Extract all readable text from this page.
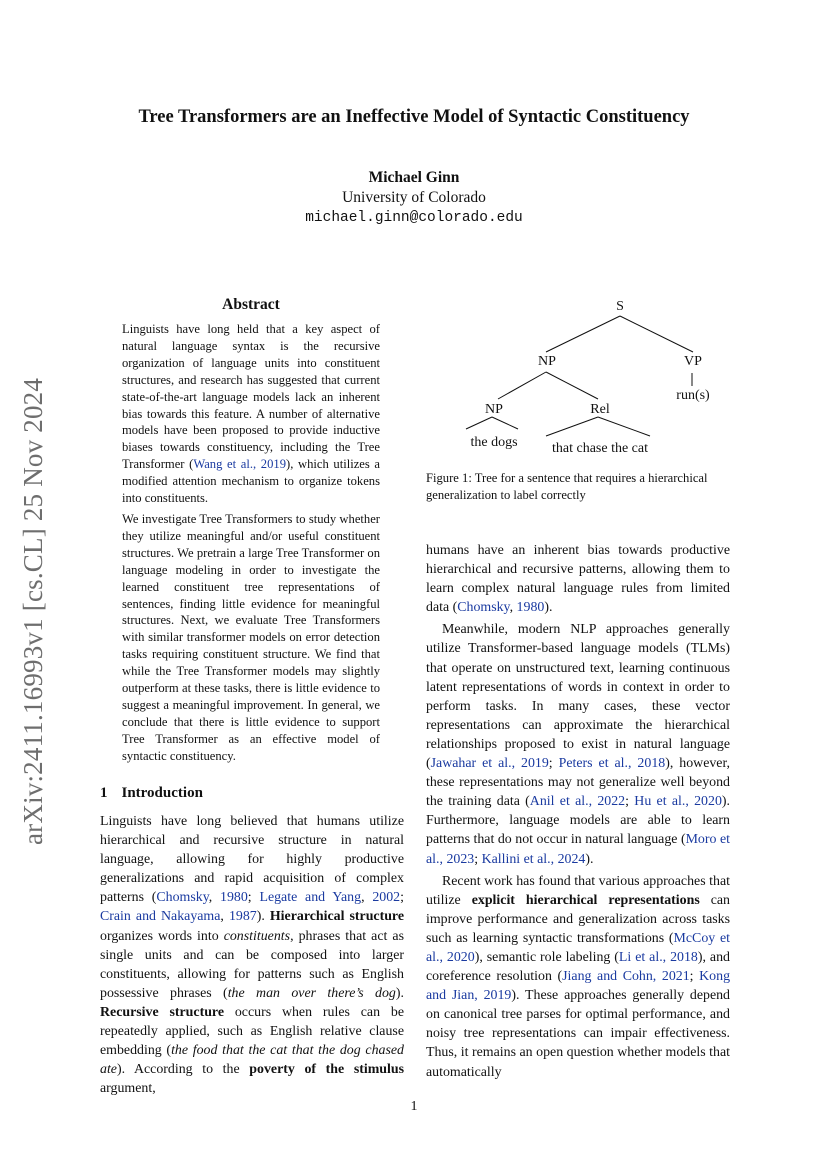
arXiv:2411.16993v1 [cs.CL] 25 Nov 2024
Tree Transformers are an Ineffective Model of Syntactic Constituency
Michael Ginn
University of Colorado
michael.ginn@colorado.edu
Abstract
Linguists have long held that a key aspect of natural language syntax is the recursive organization of language units into constituent structures, and research has suggested that current state-of-the-art language models lack an inherent bias towards this feature. A number of alternative models have been proposed to provide inductive biases towards constituency, including the Tree Transformer (Wang et al., 2019), which utilizes a modified attention mechanism to organize tokens into constituents.
We investigate Tree Transformers to study whether they utilize meaningful and/or useful constituent structures. We pretrain a large Tree Transformer on language modeling in order to investigate the learned constituent tree representations of sentences, finding little evidence for meaningful structures. Next, we evaluate Tree Transformers with similar transformer models on error detection tasks requiring constituent structure. We find that while the Tree Transformer models may slightly outperform at these tasks, there is little evidence to suggest a meaningful improvement. In general, we conclude that there is little evidence to support Tree Transformer as an effective model of syntactic constituency.
1 Introduction

Linguists have long believed that humans utilize hierarchical and recursive structure in natural language, allowing for highly productive generalizations and rapid acquisition of complex patterns (Chomsky, 1980; Legate and Yang, 2002; Crain and Nakayama, 1987). Hierarchical structure organizes words into constituents, phrases that act as single units and can be composed into larger constituents, allowing for patterns such as English possessive phrases (the man over there’s dog). Recursive structure occurs when rules can be repeatedly applied, such as English relative clause embedding (the food that the cat that the dog chased ate). According to the poverty of the stimulus argument,

S
NP	VP
NP	Rel
run(s)
the dogs that chase the cat
Figure 1: Tree for a sentence that requires a hierarchical generalization to label correctly

humans have an inherent bias towards productive hierarchical and recursive patterns, allowing them to learn complex natural language rules from limited data (Chomsky, 1980).

Meanwhile, modern NLP approaches generally utilize Transformer-based language models (TLMs) that operate on unstructured text, learning continuous latent representations of words in context in order to perform tasks. In many cases, these vector representations can approximate the hierarchical relationships proposed to exist in natural language (Jawahar et al., 2019; Peters et al., 2018), however, these representations may not generalize well beyond the training data (Anil et al., 2022; Hu et al., 2020). Furthermore, language models are able to learn patterns that do not occur in natural language (Moro et al., 2023; Kallini et al., 2024).

Recent work has found that various approaches that utilize explicit hierarchical representations can improve performance and generalization across tasks such as learning syntactic transformations (McCoy et al., 2020), semantic role labeling (Li et al., 2018), and coreference resolution (Jiang and Cohn, 2021; Kong and Jian, 2019). These approaches generally depend on canonical tree parses for optimal performance, and noisy tree representations can impair effectiveness. Thus, it remains an open question whether models that automatically

1
